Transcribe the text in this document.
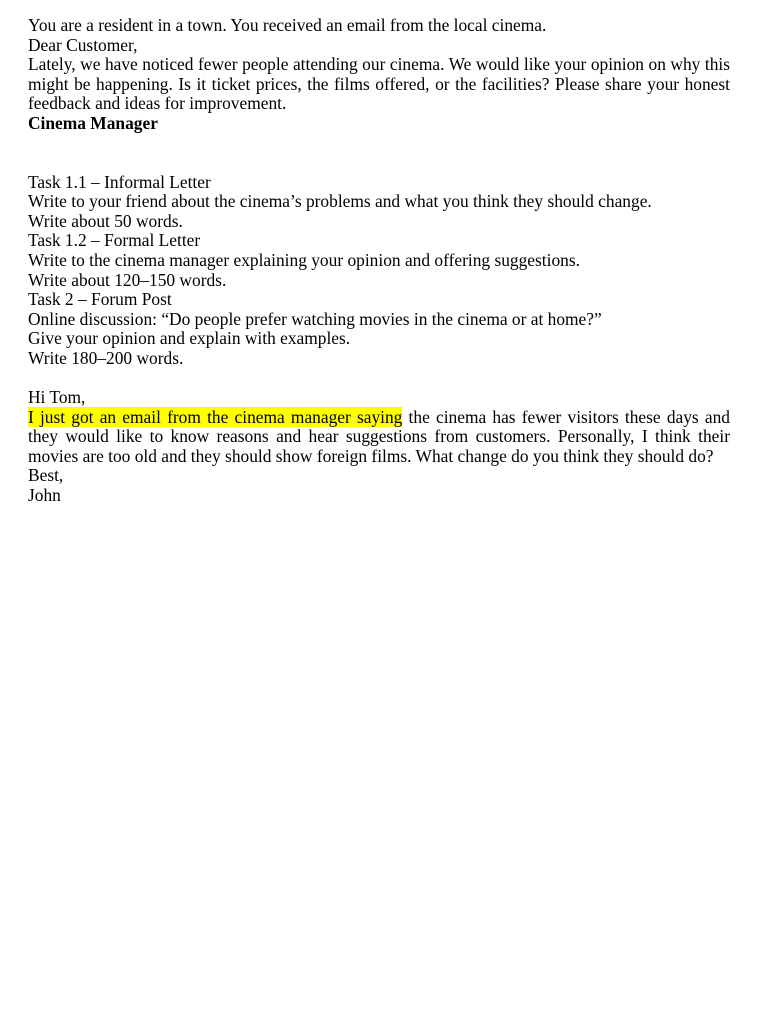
You are a resident in a town. You received an email from the local cinema.

Dear Customer,

Lately, we have noticed fewer people attending our cinema. We would like your opinion on why this might be happening. Is it ticket prices, the films offered, or the facilities? Please share your honest feedback and ideas for improvement.

Cinema Manager

Task 1.1 – Informal Letter

Write to your friend about the cinema’s problems and what you think they should change.

Write about 50 words.

Task 1.2 – Formal Letter

Write to the cinema manager explaining your opinion and offering suggestions.

Write about 120–150 words.

Task 2 – Forum Post

Online discussion: “Do people prefer watching movies in the cinema or at home?”

Give your opinion and explain with examples.

Write 180–200 words.

Hi Tom,

I just got an email from the cinema manager saying the cinema has fewer visitors these days and they would like to know reasons and hear suggestions from customers. Personally, I think their movies are too old and they should show foreign films. What change do you think they should do?

Best,

John
